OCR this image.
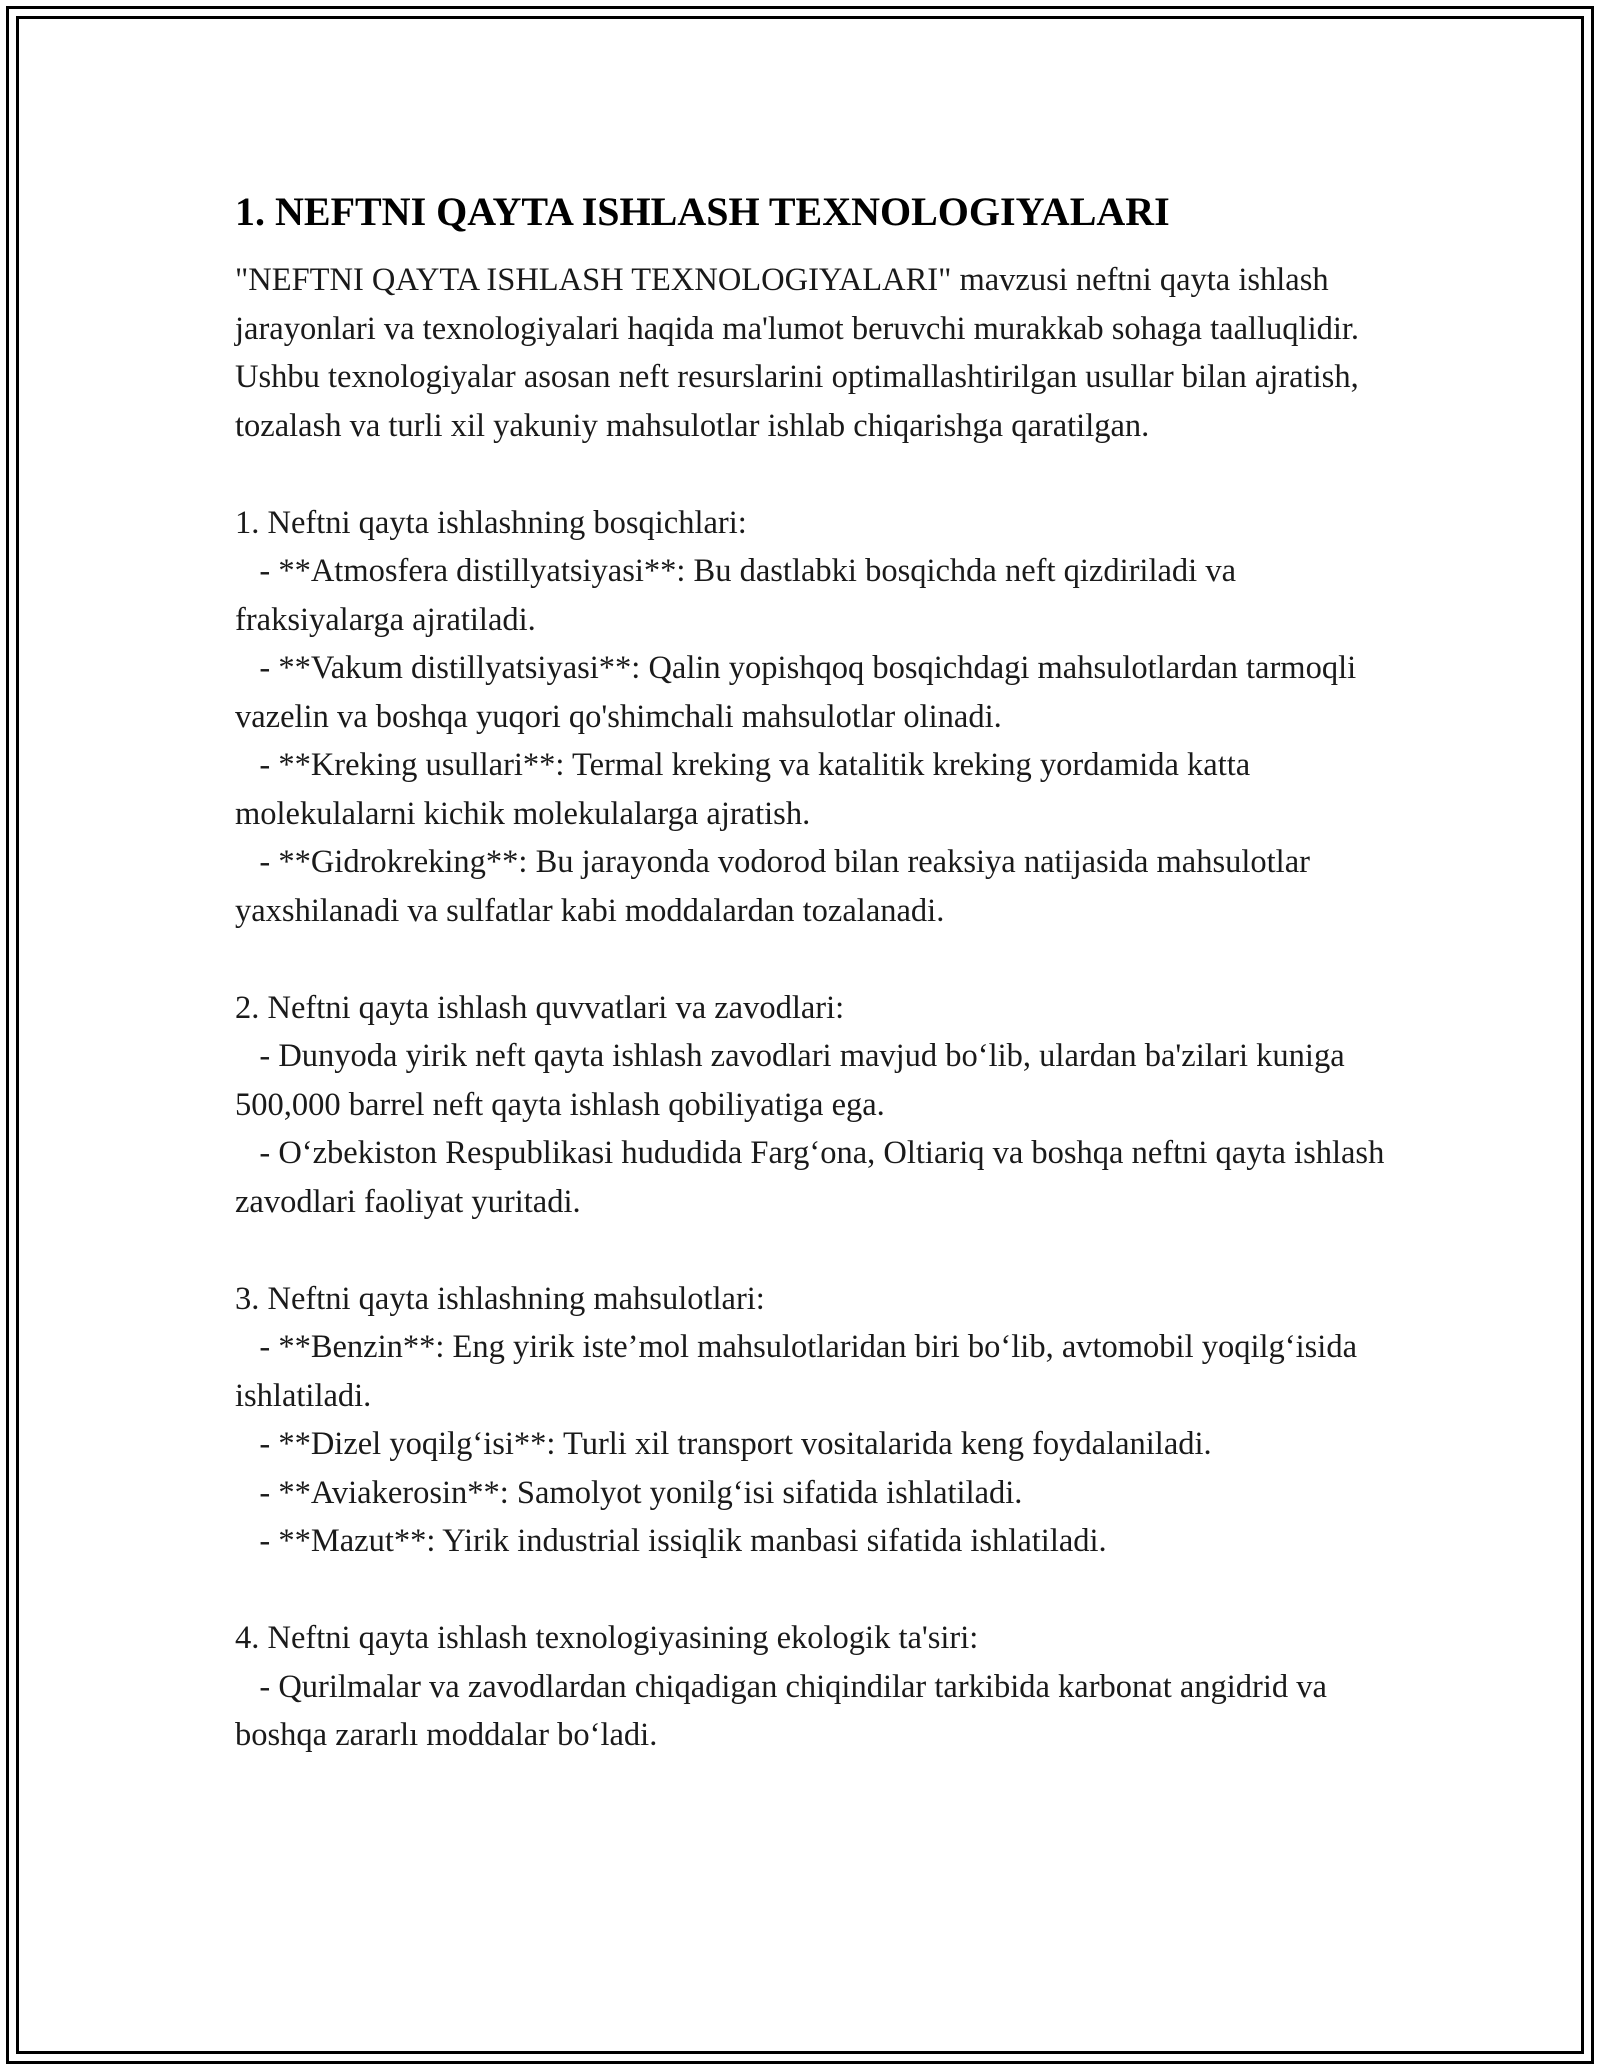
1. NEFTNI QAYTA ISHLASH TEXNOLOGIYALARI

"NEFTNI QAYTA ISHLASH TEXNOLOGIYALARI" mavzusi neftni qayta ishlash jarayonlari va texnologiyalari haqida ma'lumot beruvchi murakkab sohaga taalluqlidir. Ushbu texnologiyalar asosan neft resurslarini optimallashtirilgan usullar bilan ajratish, tozalash va turli xil yakuniy mahsulotlar ishlab chiqarishga qaratilgan.

1. Neftni qayta ishlashning bosqichlari:
- **Atmosfera distillyatsiyasi**: Bu dastlabki bosqichda neft qizdiriladi va fraksiyalarga ajratiladi.
- **Vakum distillyatsiyasi**: Qalin yopishqoq bosqichdagi mahsulotlardan tarmoqli vazelin va boshqa yuqori qo'shimchali mahsulotlar olinadi.
- **Kreking usullari**: Termal kreking va katalitik kreking yordamida katta molekulalarni kichik molekulalarga ajratish.
- **Gidrokreking**: Bu jarayonda vodorod bilan reaksiya natijasida mahsulotlar yaxshilanadi va sulfatlar kabi moddalardan tozalanadi.
2. Neftni qayta ishlash quvvatlari va zavodlari:
- Dunyoda yirik neft qayta ishlash zavodlari mavjud bo‘lib, ulardan ba'zilari kuniga 500,000 barrel neft qayta ishlash qobiliyatiga ega.
- O‘zbekiston Respublikasi hududida Farg‘ona, Oltiariq va boshqa neftni qayta ishlash zavodlari faoliyat yuritadi.
3. Neftni qayta ishlashning mahsulotlari:
- **Benzin**: Eng yirik iste’mol mahsulotlaridan biri bo‘lib, avtomobil yoqilg‘isida ishlatiladi.
- **Dizel yoqilg‘isi**: Turli xil transport vositalarida keng foydalaniladi.
- **Aviakerosin**: Samolyot yonilg‘isi sifatida ishlatiladi.
- **Mazut**: Yirik industrial issiqlik manbasi sifatida ishlatiladi.
4. Neftni qayta ishlash texnologiyasining ekologik ta'siri:
- Qurilmalar va zavodlardan chiqadigan chiqindilar tarkibida karbonat angidrid va boshqa zararlı moddalar bo‘ladi.
